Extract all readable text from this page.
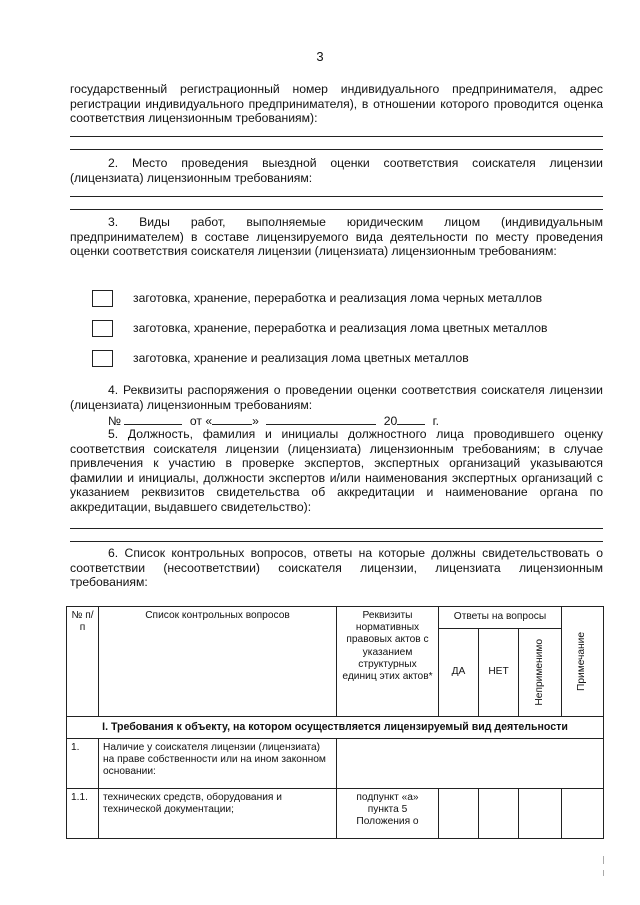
3
государственный регистрационный номер индивидуального предпринимателя, адрес регистрации индивидуального предпринимателя), в отношении которого проводится оценка соответствия лицензионным требованиям):
2. Место проведения выездной оценки соответствия соискателя лицензии (лицензиата) лицензионным требованиям:
3. Виды работ, выполняемые юридическим лицом (индивидуальным предпринимателем) в составе лицензируемого вида деятельности по месту проведения оценки соответствия соискателя лицензии (лицензиата) лицензионным требованиям:
заготовка, хранение, переработка и реализация лома черных металлов
заготовка, хранение, переработка и реализация лома цветных металлов
заготовка, хранение и реализация лома цветных металлов
4. Реквизиты распоряжения о проведении оценки соответствия соискателя лицензии (лицензиата) лицензионным требованиям:
№	от «	»	20	г.
5. Должность, фамилия и инициалы должностного лица проводившего оценку соответствия соискателя лицензии (лицензиата) лицензионным требованиям; в случае привлечения к участию в проверке экспертов, экспертных организаций указываются фамилии и инициалы, должности экспертов и/или наименования экспертных организаций с указанием реквизитов свидетельства об аккредитации и наименование органа по аккредитации, выдавшего свидетельство):
6. Список контрольных вопросов, ответы на которые должны свидетельствовать о соответствии (несоответствии) соискателя лицензии, лицензиата лицензионным требованиям:
№ п/п	Список контрольных вопросов	Реквизиты нормативных правовых актов с указанием структурных единиц этих актов*	Ответы на вопросы			Примечание

			ДА	НЕТ	Неприменимо	

I. Требования к объекту, на котором осуществляется лицензируемый вид деятельности						
1.	Наличие у соискателя лицензии (лицензиата) на праве собственности или на ином законном основании:					
1.1.	технических средств, оборудования и технической документации;	подпункт «а» пункта 5 Положения о				
